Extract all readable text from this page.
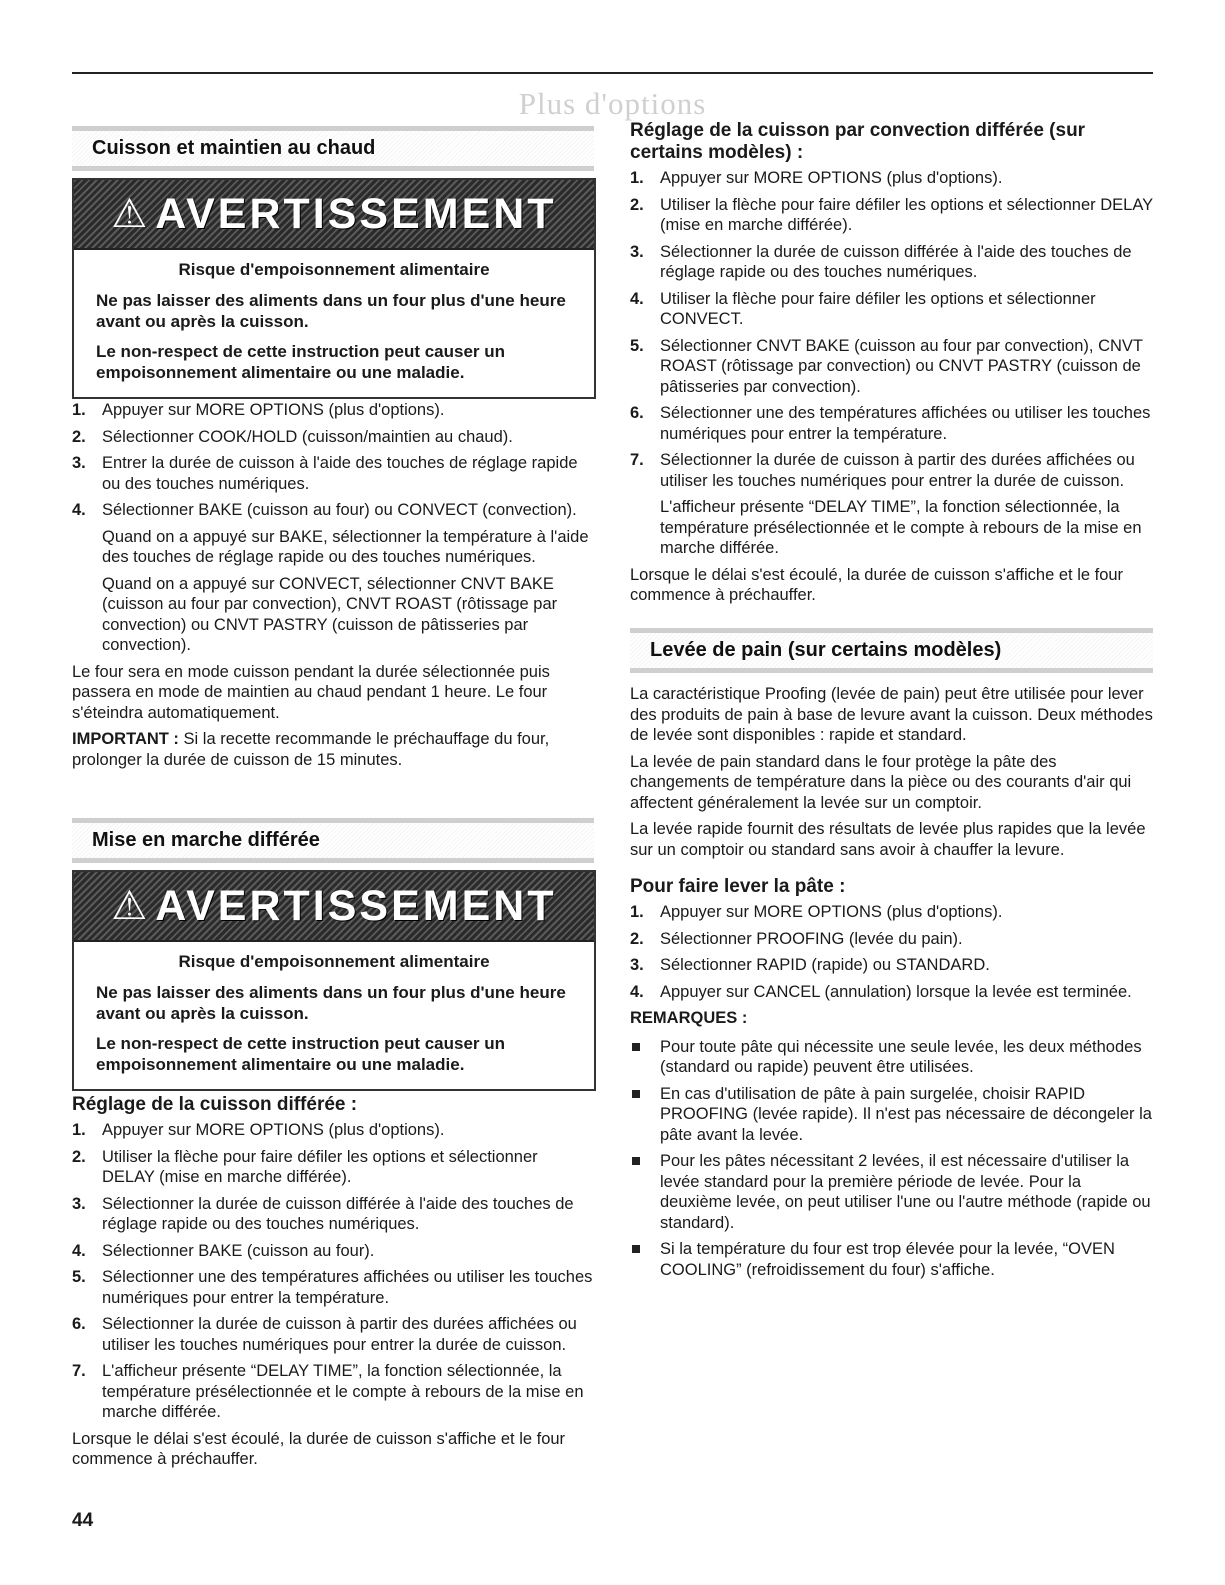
Plus d'options
Cuisson et maintien au chaud
⚠ AVERTISSEMENT

Risque d'empoisonnement alimentaire

Ne pas laisser des aliments dans un four plus d'une heure avant ou après la cuisson.

Le non-respect de cette instruction peut causer un empoisonnement alimentaire ou une maladie.

1. Appuyer sur MORE OPTIONS (plus d'options).
2. Sélectionner COOK/HOLD (cuisson/maintien au chaud).
3. Entrer la durée de cuisson à l'aide des touches de réglage rapide ou des touches numériques.
4. Sélectionner BAKE (cuisson au four) ou CONVECT (convection).
Quand on a appuyé sur BAKE, sélectionner la température à l'aide des touches de réglage rapide ou des touches numériques.
Quand on a appuyé sur CONVECT, sélectionner CNVT BAKE (cuisson au four par convection), CNVT ROAST (rôtissage par convection) ou CNVT PASTRY (cuisson de pâtisseries par convection).

Le four sera en mode cuisson pendant la durée sélectionnée puis passera en mode de maintien au chaud pendant 1 heure. Le four s'éteindra automatiquement.

IMPORTANT : Si la recette recommande le préchauffage du four, prolonger la durée de cuisson de 15 minutes.

Mise en marche différée
⚠ AVERTISSEMENT

Risque d'empoisonnement alimentaire

Ne pas laisser des aliments dans un four plus d'une heure avant ou après la cuisson.

Le non-respect de cette instruction peut causer un empoisonnement alimentaire ou une maladie.

Réglage de la cuisson différée :

1. Appuyer sur MORE OPTIONS (plus d'options).
2. Utiliser la flèche pour faire défiler les options et sélectionner DELAY (mise en marche différée).
3. Sélectionner la durée de cuisson différée à l'aide des touches de réglage rapide ou des touches numériques.
4. Sélectionner BAKE (cuisson au four).
5. Sélectionner une des températures affichées ou utiliser les touches numériques pour entrer la température.
6. Sélectionner la durée de cuisson à partir des durées affichées ou utiliser les touches numériques pour entrer la durée de cuisson.
7. L'afficheur présente “DELAY TIME”, la fonction sélectionnée, la température présélectionnée et le compte à rebours de la mise en marche différée.

Lorsque le délai s'est écoulé, la durée de cuisson s'affiche et le four commence à préchauffer.

Réglage de la cuisson par convection différée (sur certains modèles) :

1. Appuyer sur MORE OPTIONS (plus d'options).
2. Utiliser la flèche pour faire défiler les options et sélectionner DELAY (mise en marche différée).
3. Sélectionner la durée de cuisson différée à l'aide des touches de réglage rapide ou des touches numériques.
4. Utiliser la flèche pour faire défiler les options et sélectionner CONVECT.
5. Sélectionner CNVT BAKE (cuisson au four par convection), CNVT ROAST (rôtissage par convection) ou CNVT PASTRY (cuisson de pâtisseries par convection).
6. Sélectionner une des températures affichées ou utiliser les touches numériques pour entrer la température.
7. Sélectionner la durée de cuisson à partir des durées affichées ou utiliser les touches numériques pour entrer la durée de cuisson.
L'afficheur présente “DELAY TIME”, la fonction sélectionnée, la température présélectionnée et le compte à rebours de la mise en marche différée.

Lorsque le délai s'est écoulé, la durée de cuisson s'affiche et le four commence à préchauffer.

Levée de pain (sur certains modèles)

La caractéristique Proofing (levée de pain) peut être utilisée pour lever des produits de pain à base de levure avant la cuisson. Deux méthodes de levée sont disponibles : rapide et standard.

La levée de pain standard dans le four protège la pâte des changements de température dans la pièce ou des courants d'air qui affectent généralement la levée sur un comptoir.

La levée rapide fournit des résultats de levée plus rapides que la levée sur un comptoir ou standard sans avoir à chauffer la levure.

Pour faire lever la pâte :

1. Appuyer sur MORE OPTIONS (plus d'options).
2. Sélectionner PROOFING (levée du pain).
3. Sélectionner RAPID (rapide) ou STANDARD.
4. Appuyer sur CANCEL (annulation) lorsque la levée est terminée.

REMARQUES :

Pour toute pâte qui nécessite une seule levée, les deux méthodes (standard ou rapide) peuvent être utilisées.
En cas d'utilisation de pâte à pain surgelée, choisir RAPID PROOFING (levée rapide). Il n'est pas nécessaire de décongeler la pâte avant la levée.
Pour les pâtes nécessitant 2 levées, il est nécessaire d'utiliser la levée standard pour la première période de levée. Pour la deuxième levée, on peut utiliser l'une ou l'autre méthode (rapide ou standard).
Si la température du four est trop élevée pour la levée, “OVEN COOLING” (refroidissement du four) s'affiche.
44
